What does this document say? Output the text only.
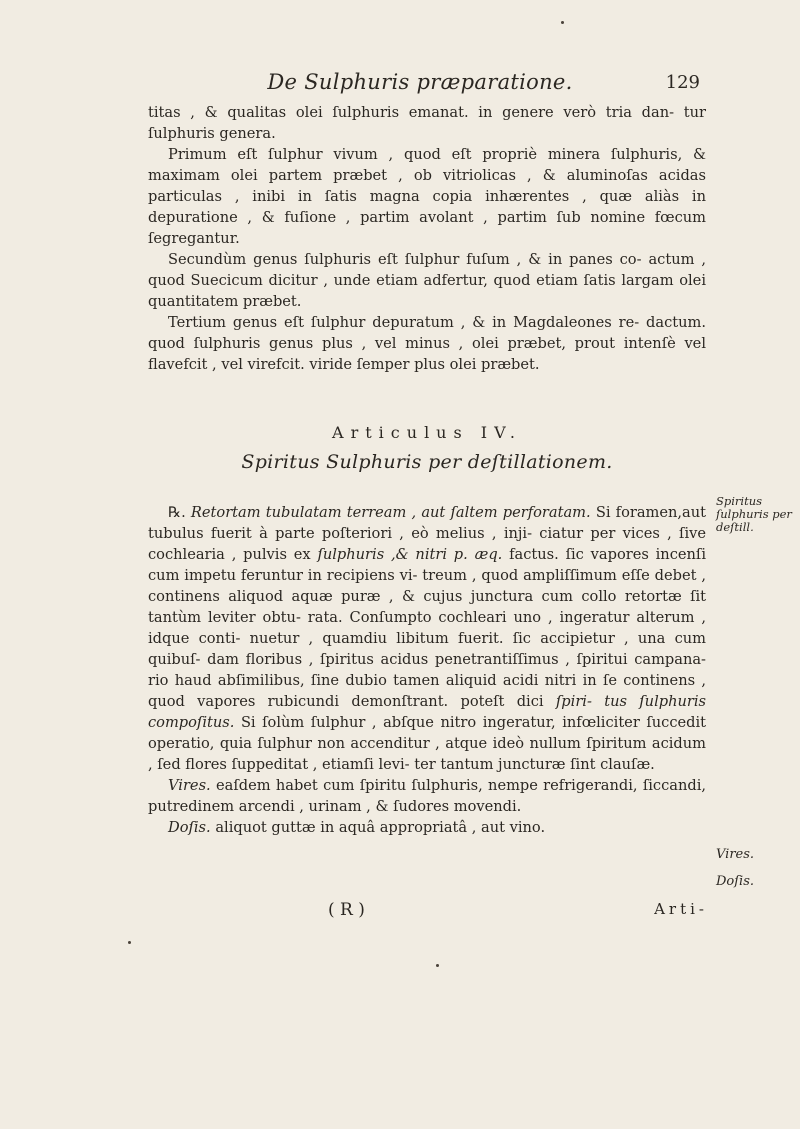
De Sulphuris præparatione.	129

titas , & qualitas olei ſulphuris emanat. in genere verò tria dan- tur ſulphuris genera.

Primum eſt ſulphur vivum , quod eſt propriè minera ſulphuris, & maximam olei partem præbet , ob vitriolicas , & aluminoſas acidas particulas , inibi in ſatis magna copia inhærentes , quæ aliàs in depuratione , & fuſione , partim avolant , partim ſub nomine fœcum ſegregantur.

Secundùm genus ſulphuris eſt ſulphur fuſum , & in panes co- actum , quod Suecicum dicitur , unde etiam adfertur, quod etiam ſatis largam olei quantitatem præbet.

Tertium genus eſt ſulphur depuratum , & in Magdaleones re- dactum. quod ſulphuris genus plus , vel minus , olei præbet, prout intenſè vel flavefcit , vel virefcit. viride ſemper plus olei præbet.

Articulus IV.
Spiritus Sulphuris per deſtillationem.
Spiritus ſulphuris per deſtill.
Vires.
Doſis.

℞. Retortam tubulatam terream , aut ſaltem perforatam. Si foramen,aut tubulus fuerit à parte poſteriori , eò melius , inji- ciatur per vices , ſive cochlearia , pulvis ex ſulphuris ,& nitri p. æq. factus. ſic vapores incenſi cum impetu feruntur in recipiens vi- treum , quod ampliſſimum eſſe debet , continens aliquod aquæ puræ , & cujus junctura cum collo retortæ ſit tantùm leviter obtu- rata. Conſumpto cochleari uno , ingeratur alterum , idque conti- nuetur , quamdiu libitum fuerit. ſic accipietur , una cum quibuſ- dam floribus , ſpiritus acidus penetrantiſſimus , ſpiritui campana- rio haud abſimilibus, ſine dubio tamen aliquid acidi nitri in ſe continens , quod vapores rubicundi demonſtrant. poteſt dici ſpiri- tus ſulphuris compoſitus. Si ſolùm ſulphur , abſque nitro ingeratur, infœliciter ſuccedit operatio, quia ſulphur non accenditur , atque ideò nullum ſpiritum acidum , ſed flores ſuppeditat , etiamſi levi- ter tantum juncturæ ſint clauſæ.

Vires. eaſdem habet cum ſpiritu ſulphuris, nempe refrigerandi, ſiccandi, putredinem arcendi , urinam , & ſudores movendi.

Doſis. aliquot guttæ in aquâ appropriatâ , aut vino.

( R )	Arti-
